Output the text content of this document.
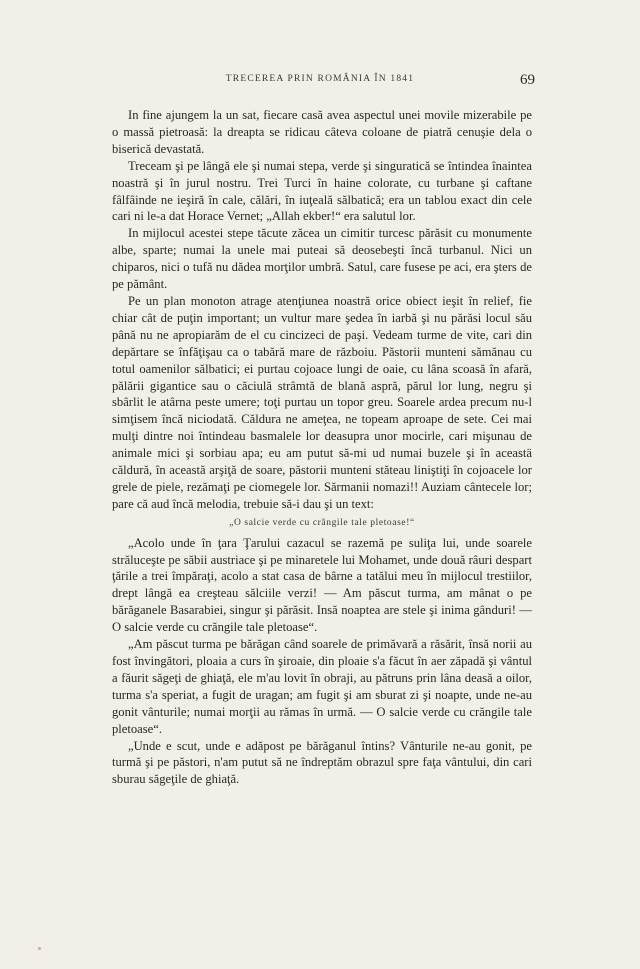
TRECEREA PRIN ROMÂNIA ÎN 1841	69

In fine ajungem la un sat, fiecare casă avea aspectul unei movile mizerabile pe o massă pietroasă: la dreapta se ridicau câteva coloane de piatră cenuşie dela o biserică devastată.

Treceam şi pe lângă ele şi numai stepa, verde şi singuratică se întindea înaintea noastră şi în jurul nostru. Trei Turci în haine colorate, cu turbane şi caftane fâlfâinde ne ieşiră în cale, călări, în iuţeală sălbatică; era un tablou exact din cele cari ni le-a dat Horace Vernet; „Allah ekber!“ era salutul lor.

In mijlocul acestei stepe tăcute zăcea un cimitir turcesc părăsit cu monumente albe, sparte; numai la unele mai puteai să deosebeşti încă turbanul. Nici un chiparos, nici o tufă nu dădea morţilor umbră. Satul, care fusese pe aci, era şters de pe pământ.

Pe un plan monoton atrage atenţiunea noastră orice obiect ieşit în relief, fie chiar cât de puţin important; un vultur mare şedea în iarbă şi nu părăsi locul său până nu ne apropiarăm de el cu cincizeci de paşi. Vedeam turme de vite, cari din depărtare se înfăţişau ca o tabără mare de războiu. Păstorii munteni sămănau cu totul oamenilor sălbatici; ei purtau cojoace lungi de oaie, cu lâna scoasă în afară, pălării gigantice sau o căciulă strâmtă de blană aspră, părul lor lung, negru şi sbârlit le atârna peste umere; toţi purtau un topor greu. Soarele ardea precum nu-l simţisem încă niciodată. Căldura ne ameţea, ne topeam aproape de sete. Cei mai mulţi dintre noi întindeau basmalele lor deasupra unor mocirle, cari mişunau de animale mici şi sorbiau apa; eu am putut să-mi ud numai buzele şi în aceastä căldură, în această arşiţă de soare, păstorii munteni stăteau liniştiţi în cojoacele lor grele de piele, rezămaţi pe ciomegele lor. Sărmanii nomazi!! Auziam cântecele lor; pare că aud încă melodia, trebuie să-i dau şi un text:

„O salcie verde cu crăngile tale pletoase!“

„Acolo unde în ţara Ţarului cazacul se razemă pe suliţa lui, unde soarele străluceşte pe săbii austriace şi pe minaretele lui Mohamet, unde două râuri despart ţările a trei împăraţi, acolo a stat casa de bârne a tatălui meu în mijlocul trestiilor, drept lângă ea creşteau sălciile verzi! — Am păscut turma, am mânat o pe bărăganele Basarabiei, singur şi părăsit. Insă noaptea are stele şi inima gânduri! — O salcie verde cu crăngile tale pletoase“.

„Am păscut turma pe bărăgan când soarele de primăvară a răsărit, însă norii au fost învingători, ploaia a curs în şiroaie, din ploaie s'a făcut în aer zăpadă şi vântul a făurit săgeţi de ghiaţă, ele m'au lovit în obraji, au pătruns prin lâna deasă a oilor, turma s'a speriat, a fugit de uragan; am fugit şi am sburat zi şi noapte, unde ne-au gonit vânturile; numai morţii au rămas în urmă. — O salcie verde cu crăngile tale pletoase“.

„Unde e scut, unde e adăpost pe bărăganul întins? Vânturile ne-au gonit, pe turmă şi pe păstori, n'am putut să ne îndreptăm obrazul spre faţa vântului, din cari sburau săgeţile de ghiaţă.
